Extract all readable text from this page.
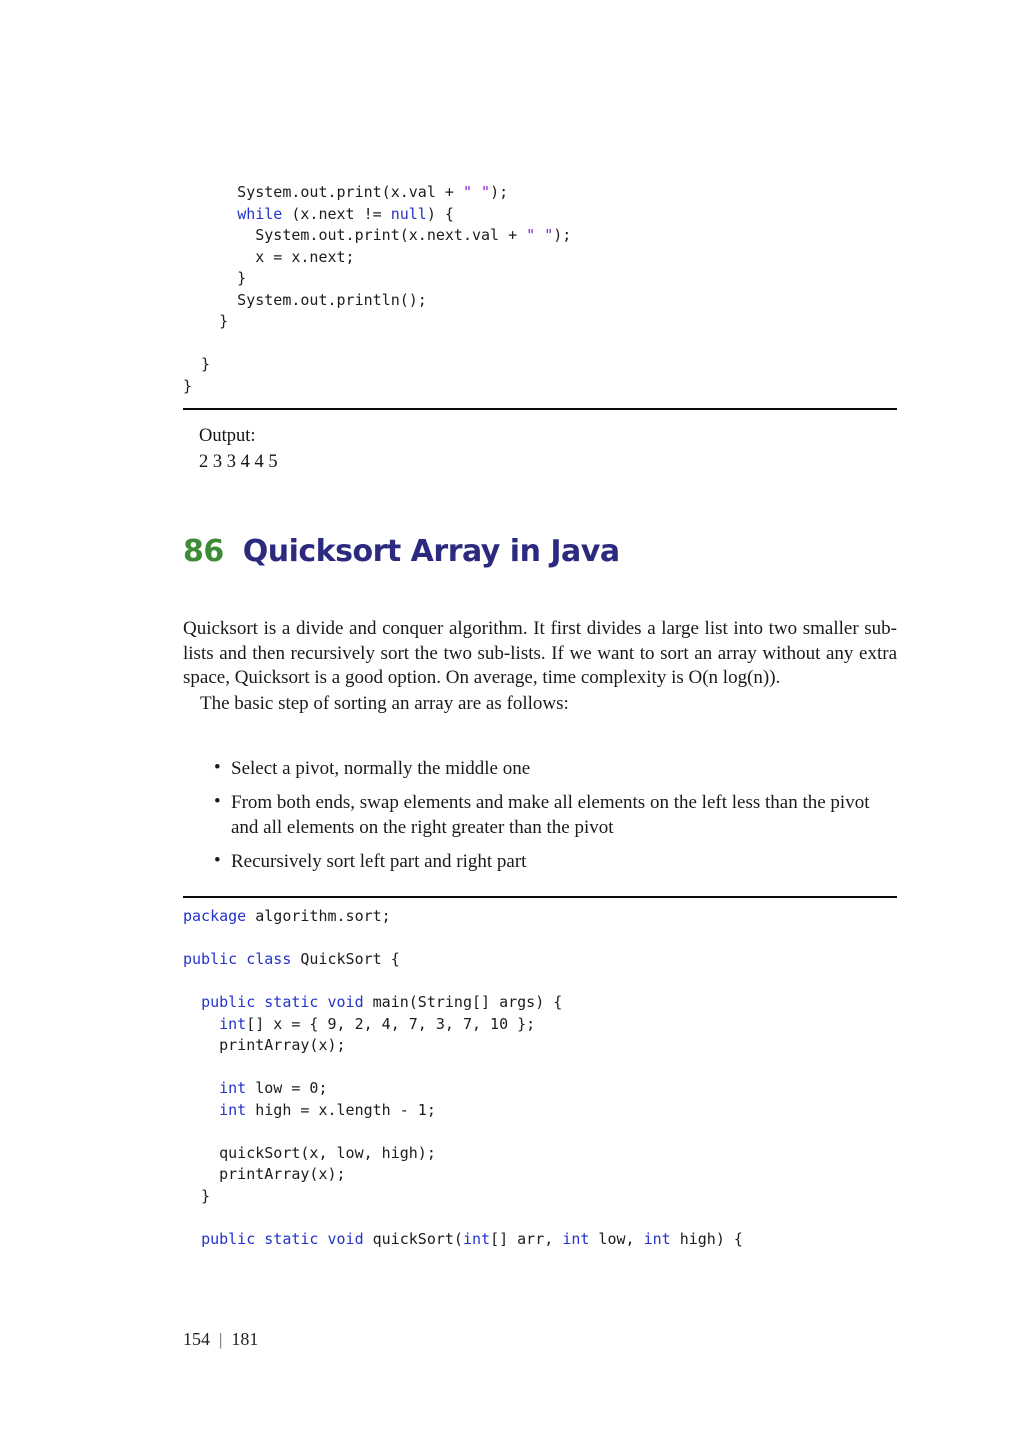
System.out.print(x.val + " ");
while (x.next != null) {
System.out.print(x.next.val + " ");
x = x.next;
}
System.out.println();
}

}
}
Output:
2 3 3 4 4 5
86 Quicksort Array in Java

Quicksort is a divide and conquer algorithm. It first divides a large list into two smaller sub-lists and then recursively sort the two sub-lists. If we want to sort an array without any extra space, Quicksort is a good option. On average, time complexity is O(n log(n)).

The basic step of sorting an array are as follows:

• Select a pivot, normally the middle one
• From both ends, swap elements and make all elements on the left less than the pivot and all elements on the right greater than the pivot
• Recursively sort left part and right part
package algorithm.sort;

public class QuickSort {

public static void main(String[] args) {
int[] x = { 9, 2, 4, 7, 3, 7, 10 };
printArray(x);

int low = 0;
int high = x.length - 1;

quickSort(x, low, high);
printArray(x);
}

public static void quickSort(int[] arr, int low, int high) {
154 | 181
